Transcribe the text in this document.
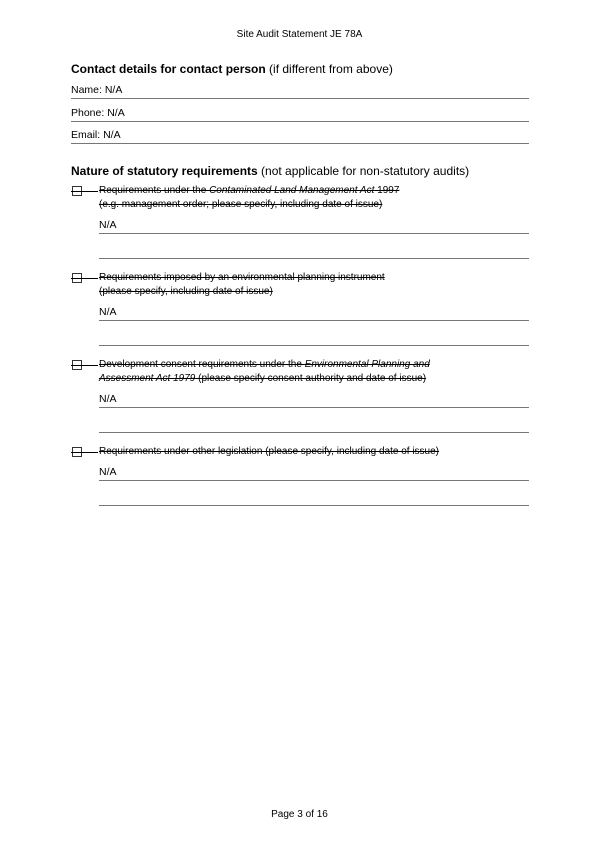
Site Audit Statement JE 78A
Contact details for contact person (if different from above)
Name: N/A
Phone: N/A
Email: N/A
Nature of statutory requirements (not applicable for non-statutory audits)
Requirements under the Contaminated Land Management Act 1997
(e.g. management order; please specify, including date of issue)
N/A
Requirements imposed by an environmental planning instrument
(please specify, including date of issue)
N/A
Development consent requirements under the Environmental Planning and
Assessment Act 1979 (please specify consent authority and date of issue)
N/A
Requirements under other legislation (please specify, including date of issue)
N/A
Page 3 of 16
